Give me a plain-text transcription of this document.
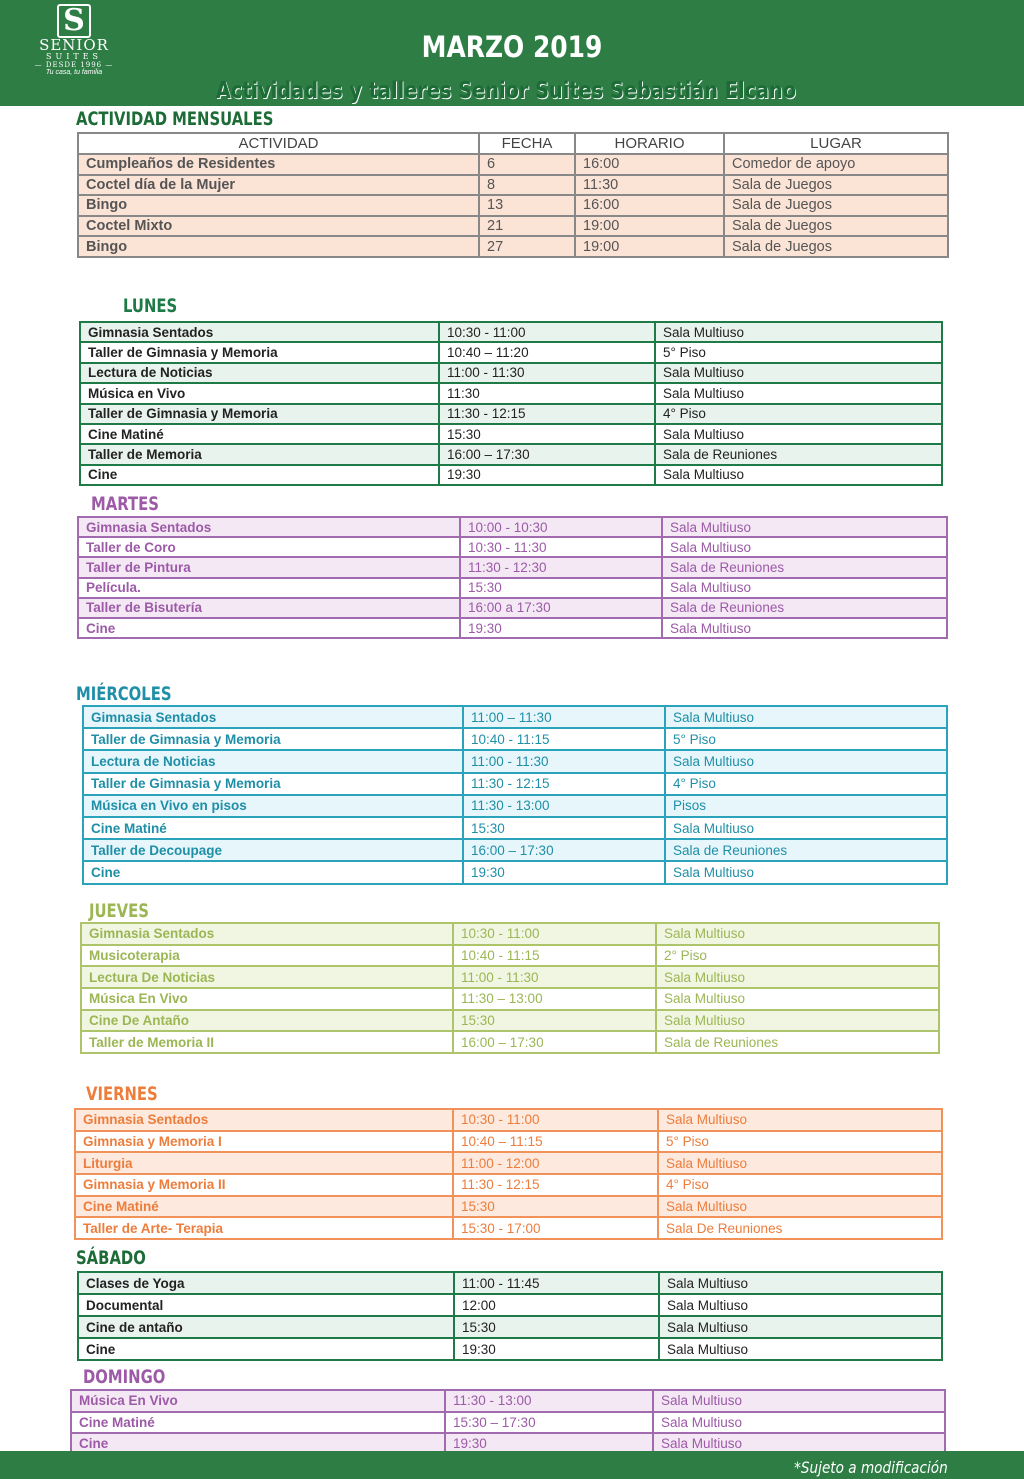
S
SENIOR
SUITES
— DESDE 1996 —
Tu casa, tu familia
MARZO 2019
Actividades y talleres Senior Suites Sebastián Elcano
ACTIVIDAD MENSUALES
ACTIVIDAD	FECHA	HORARIO	LUGAR
Cumpleaños de Residentes	6	16:00	Comedor de apoyo
Coctel día de la Mujer	8	11:30	Sala de Juegos
Bingo	13	16:00	Sala de Juegos
Coctel Mixto	21	19:00	Sala de Juegos
Bingo	27	19:00	Sala de Juegos
LUNES
Gimnasia Sentados	10:30 - 11:00	Sala Multiuso
Taller de Gimnasia y Memoria	10:40 – 11:20	5° Piso
Lectura de Noticias	11:00 - 11:30	Sala Multiuso
Música en Vivo	11:30	Sala Multiuso
Taller de Gimnasia y Memoria	11:30 - 12:15	4° Piso
Cine Matiné	15:30	Sala Multiuso
Taller de Memoria	16:00 – 17:30	Sala de Reuniones
Cine	19:30	Sala Multiuso
MARTES
Gimnasia Sentados	10:00 - 10:30	Sala Multiuso
Taller de Coro	10:30 - 11:30	Sala Multiuso
Taller de Pintura	11:30 - 12:30	Sala de Reuniones
Película.	15:30	Sala Multiuso
Taller de Bisutería	16:00 a 17:30	Sala de Reuniones
Cine	19:30	Sala Multiuso
MIÉRCOLES
Gimnasia Sentados	11:00 – 11:30	Sala Multiuso
Taller de Gimnasia y Memoria	10:40 - 11:15	5° Piso
Lectura de Noticias	11:00 - 11:30	Sala Multiuso
Taller de Gimnasia y Memoria	11:30 - 12:15	4° Piso
Música en Vivo en pisos	11:30 - 13:00	Pisos
Cine Matiné	15:30	Sala Multiuso
Taller de Decoupage	16:00 – 17:30	Sala de Reuniones
Cine	19:30	Sala Multiuso
JUEVES
Gimnasia Sentados	10:30 - 11:00	Sala Multiuso
Musicoterapia	10:40 - 11:15	2° Piso
Lectura De Noticias	11:00 - 11:30	Sala Multiuso
Música En Vivo	11:30 – 13:00	Sala Multiuso
Cine De Antaño	15:30	Sala Multiuso
Taller de Memoria II	16:00 – 17:30	Sala de Reuniones
VIERNES
Gimnasia Sentados	10:30 - 11:00	Sala Multiuso
Gimnasia y Memoria I	10:40 – 11:15	5° Piso
Liturgia	11:00 - 12:00	Sala Multiuso
Gimnasia y Memoria II	11:30 - 12:15	4° Piso
Cine Matiné	15:30	Sala Multiuso
Taller de Arte- Terapia	15:30 - 17:00	Sala De Reuniones
SÁBADO
Clases de Yoga	11:00 - 11:45	Sala Multiuso
Documental	12:00	Sala Multiuso
Cine de antaño	15:30	Sala Multiuso
Cine	19:30	Sala Multiuso
DOMINGO
Música En Vivo	11:30 - 13:00	Sala Multiuso
Cine Matiné	15:30 – 17:30	Sala Multiuso
Cine	19:30	Sala Multiuso
*Sujeto a modificación
